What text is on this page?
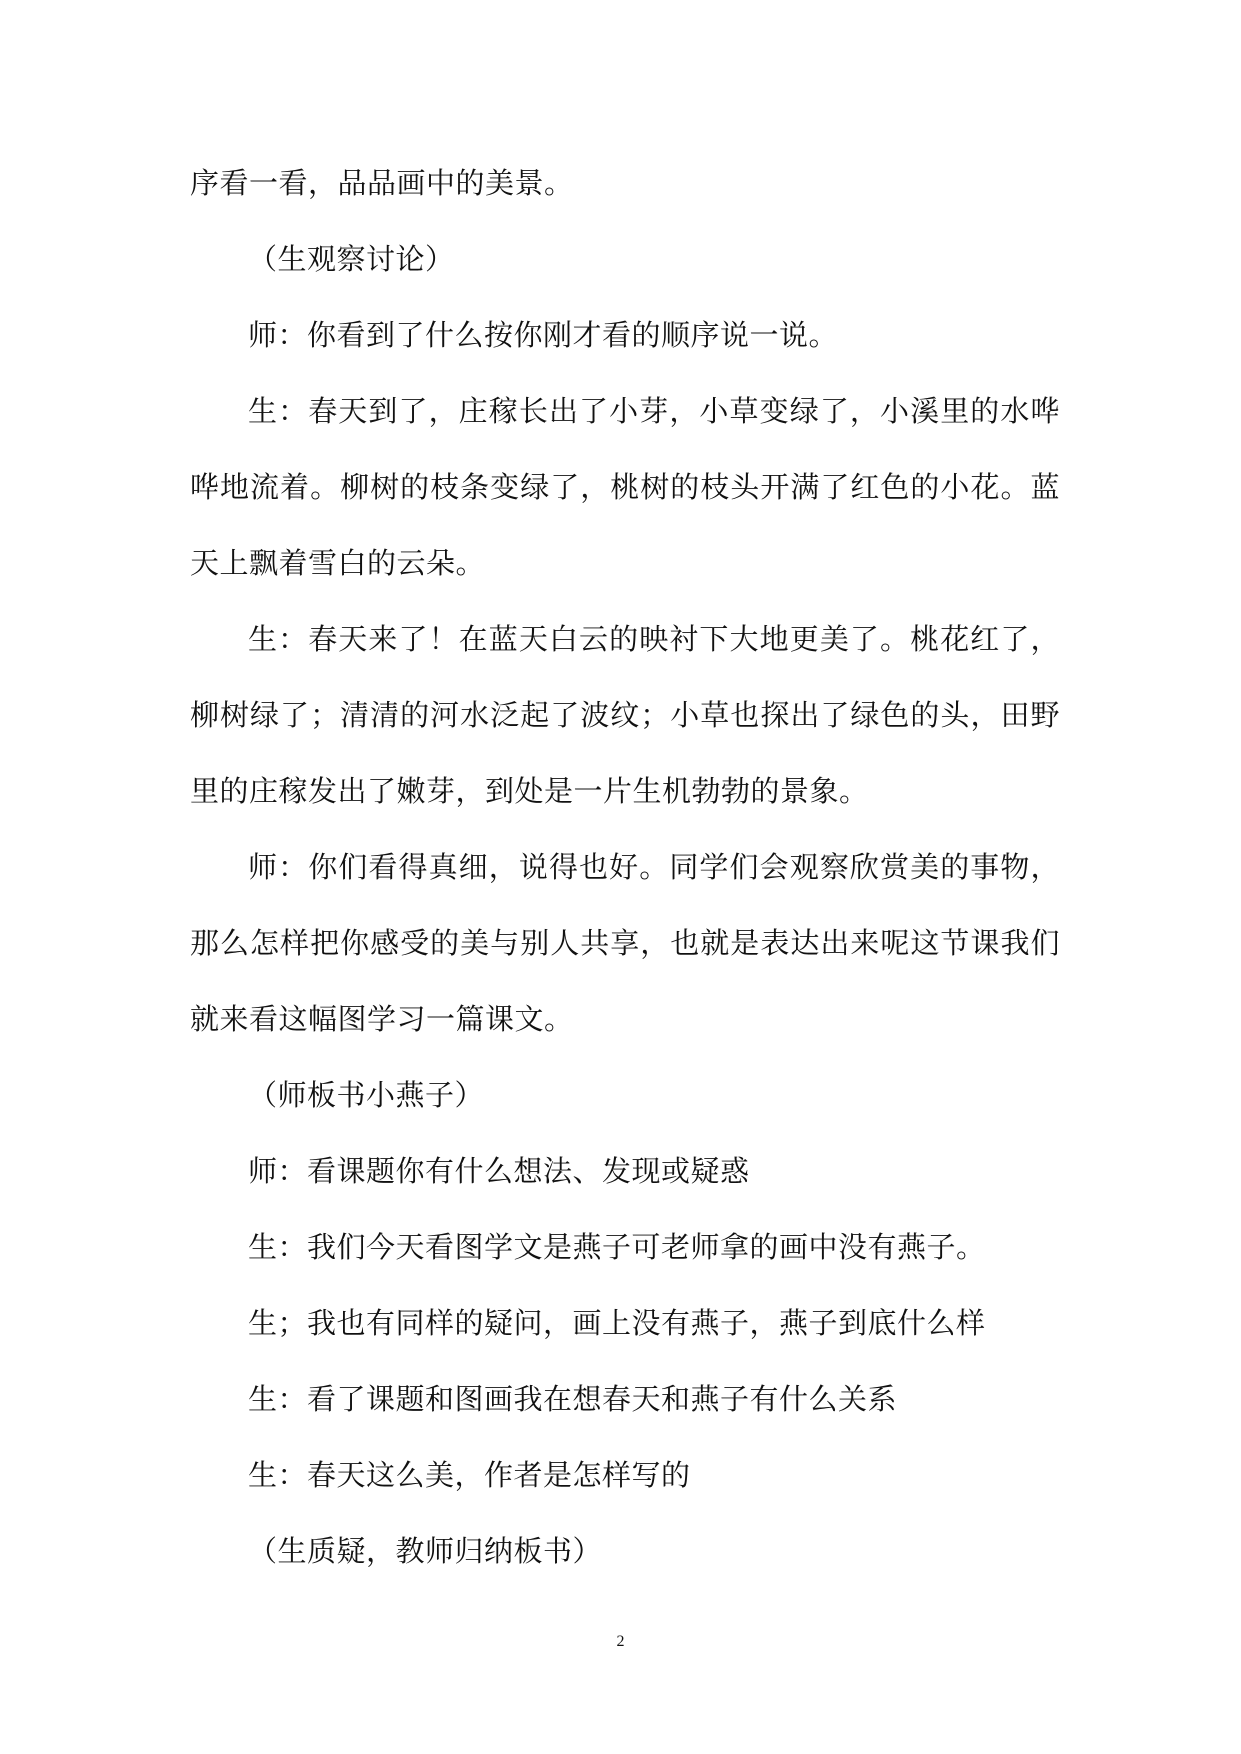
序看一看，品品画中的美景。

（生观察讨论）

师：你看到了什么按你刚才看的顺序说一说。

生：春天到了，庄稼长出了小芽，小草变绿了，小溪里的水哗哗地流着。柳树的枝条变绿了，桃树的枝头开满了红色的小花。蓝天上飘着雪白的云朵。

生：春天来了！在蓝天白云的映衬下大地更美了。桃花红了，柳树绿了；清清的河水泛起了波纹；小草也探出了绿色的头，田野里的庄稼发出了嫩芽，到处是一片生机勃勃的景象。

师：你们看得真细，说得也好。同学们会观察欣赏美的事物，那么怎样把你感受的美与别人共享，也就是表达出来呢这节课我们就来看这幅图学习一篇课文。

（师板书小燕子）

师：看课题你有什么想法、发现或疑惑

生：我们今天看图学文是燕子可老师拿的画中没有燕子。

生；我也有同样的疑问，画上没有燕子，燕子到底什么样

生：看了课题和图画我在想春天和燕子有什么关系

生：春天这么美，作者是怎样写的

（生质疑，教师归纳板书）

2
